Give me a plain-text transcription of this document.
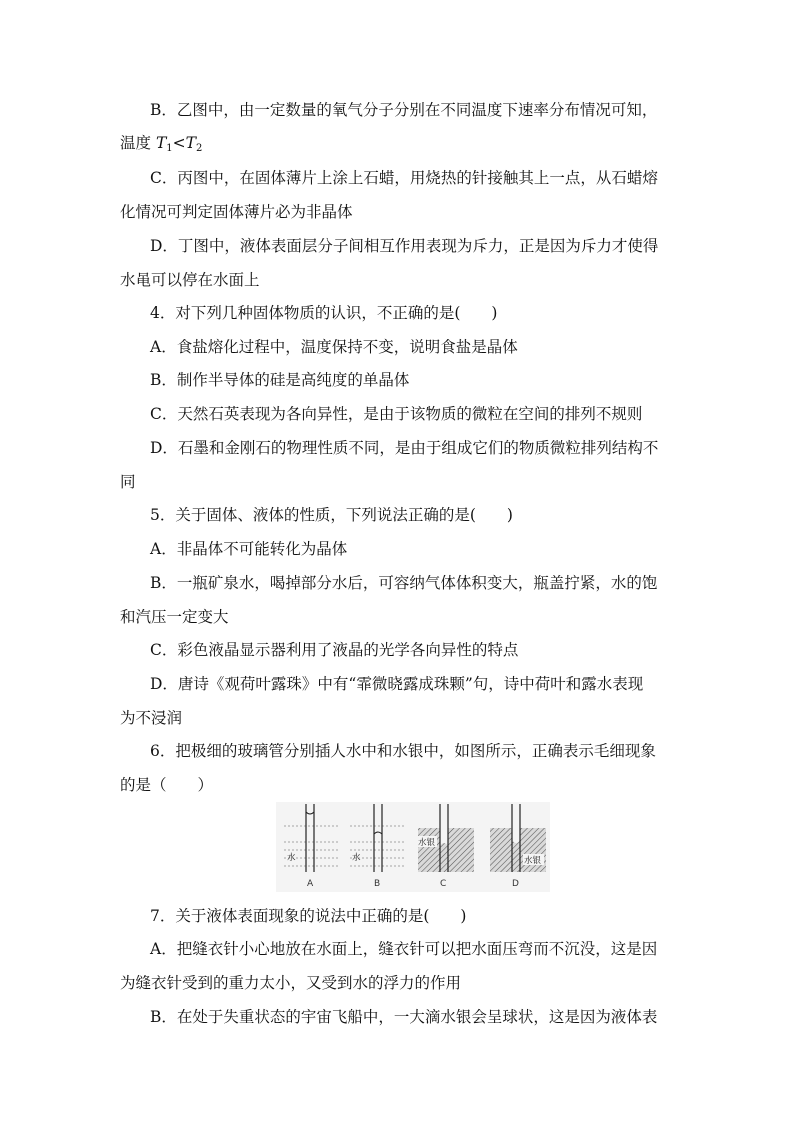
B．乙图中，由一定数量的氧气分子分别在不同温度下速率分布情况可知，
温度 $T_1<T_2$
C．丙图中，在固体薄片上涂上石蜡，用烧热的针接触其上一点，从石蜡熔
化情况可判定固体薄片必为非晶体
D．丁图中，液体表面层分子间相互作用表现为斥力，正是因为斥力才使得
水黾可以停在水面上
4．对下列几种固体物质的认识，不正确的是(　　)
A．食盐熔化过程中，温度保持不变，说明食盐是晶体
B．制作半导体的硅是高纯度的单晶体
C．天然石英表现为各向异性，是由于该物质的微粒在空间的排列不规则
D．石墨和金刚石的物理性质不同，是由于组成它们的物质微粒排列结构不
同
5．关于固体、液体的性质，下列说法正确的是(　　)
A．非晶体不可能转化为晶体
B．一瓶矿泉水，喝掉部分水后，可容纳气体体积变大，瓶盖拧紧，水的饱
和汽压一定变大
C．彩色液晶显示器利用了液晶的光学各向异性的特点
D．唐诗《观荷叶露珠》中有“霏微晓露成珠颗”句，诗中荷叶和露水表现
为不浸润
6．把极细的玻璃管分别插人水中和水银中，如图所示，正确表示毛细现象
的是（　　）
水
A
水
B
水银
C
水银
D
7．关于液体表面现象的说法中正确的是(　　)
A．把缝衣针小心地放在水面上，缝衣针可以把水面压弯而不沉没，这是因
为缝衣针受到的重力太小，又受到水的浮力的作用
B．在处于失重状态的宇宙飞船中，一大滴水银会呈球状，这是因为液体表
